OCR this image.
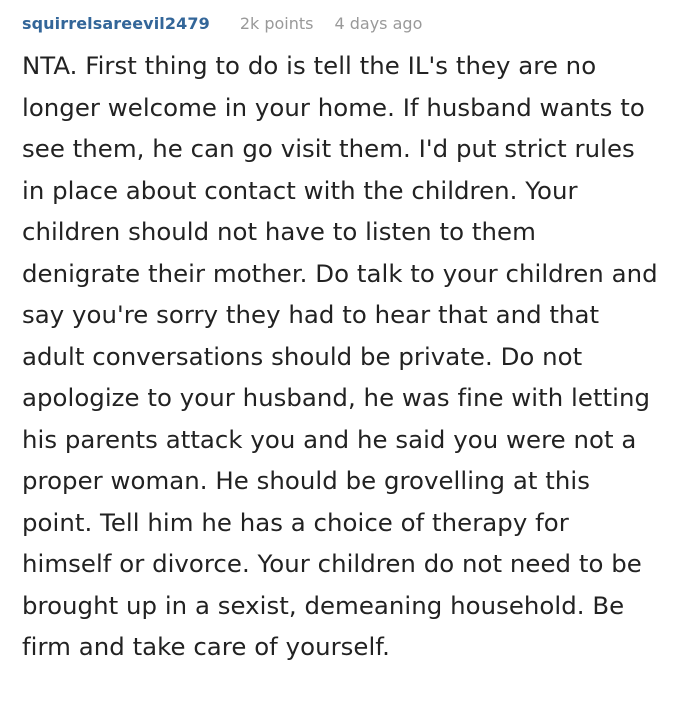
squirrelsareevil2479 2k points 4 days ago

NTA. First thing to do is tell the IL's they are no longer welcome in your home. If husband wants to see them, he can go visit them. I'd put strict rules in place about contact with the children. Your children should not have to listen to them denigrate their mother. Do talk to your children and say you're sorry they had to hear that and that adult conversations should be private. Do not apologize to your husband, he was fine with letting his parents attack you and he said you were not a proper woman. He should be grovelling at this point. Tell him he has a choice of therapy for himself or divorce. Your children do not need to be brought up in a sexist, demeaning household. Be firm and take care of yourself.
